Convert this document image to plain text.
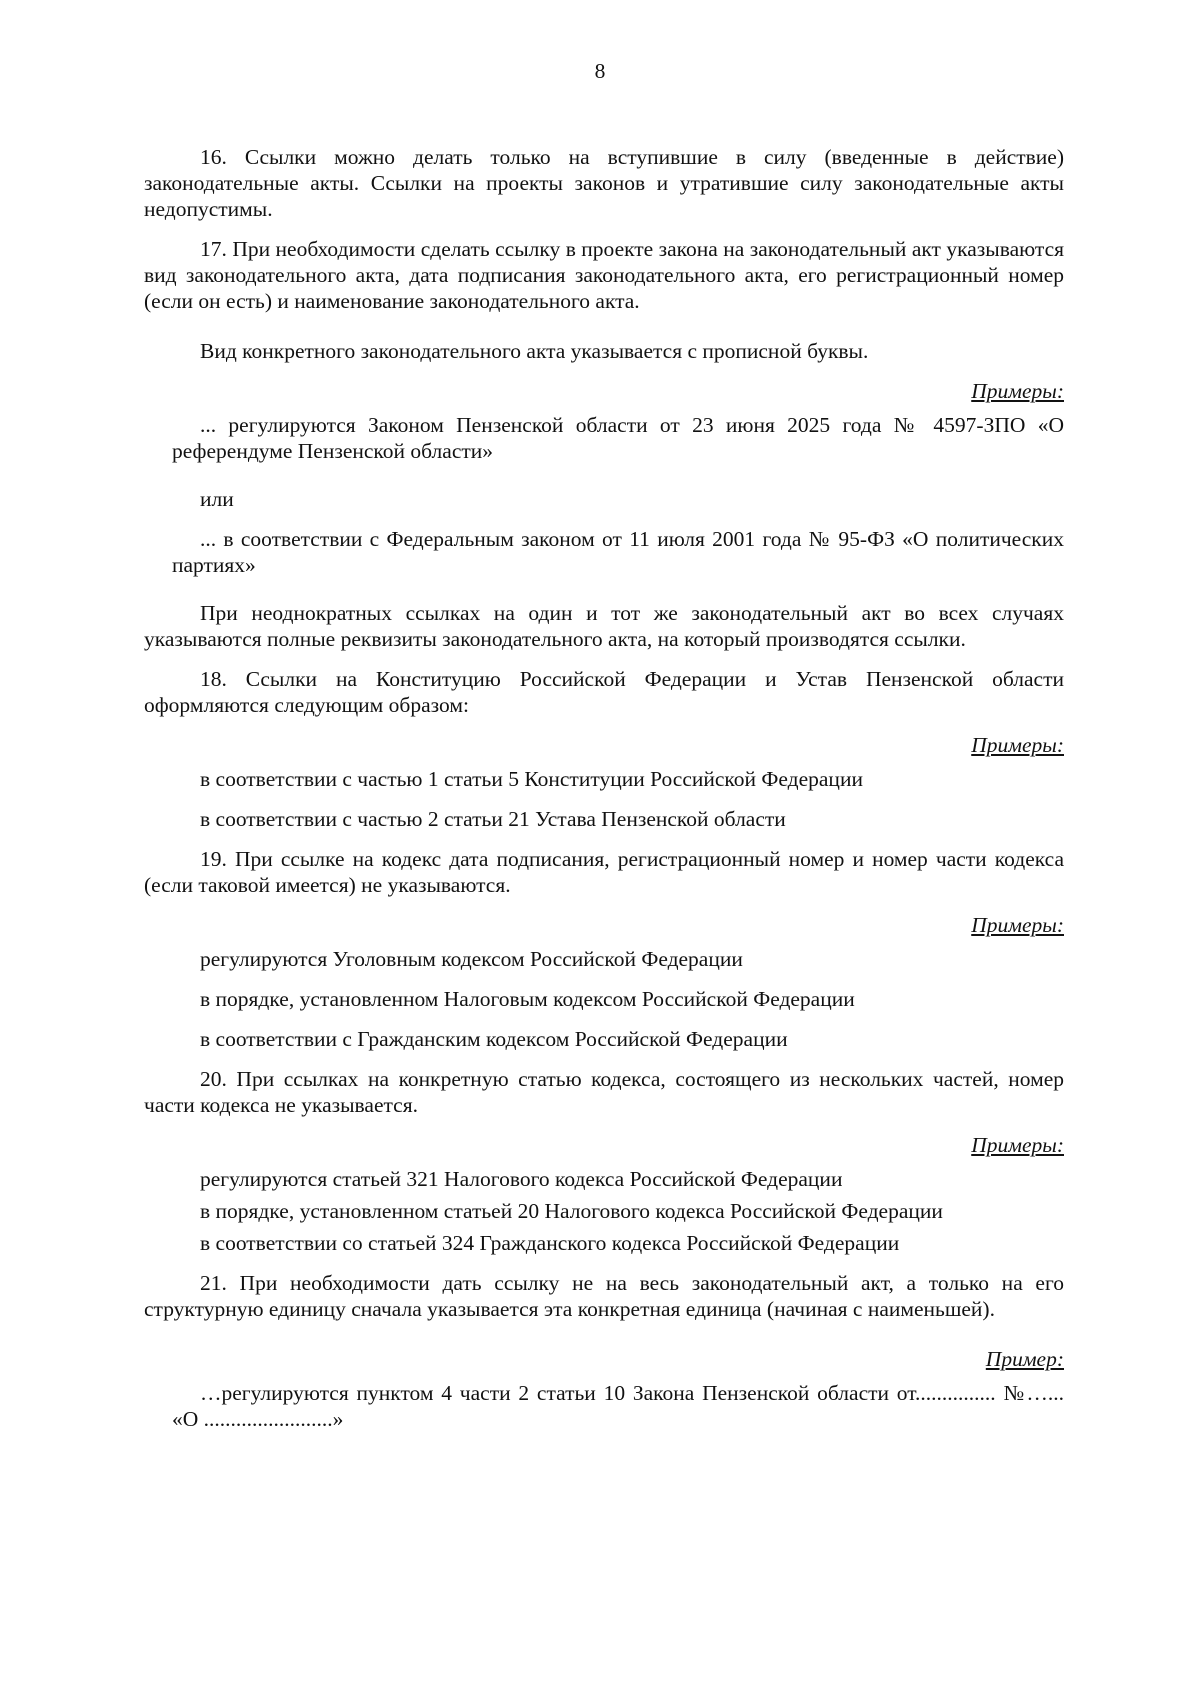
8

16. Ссылки можно делать только на вступившие в силу (введенные в действие) законодательные акты. Ссылки на проекты законов и утратившие силу законодательные акты недопустимы.

17. При необходимости сделать ссылку в проекте закона на законодательный акт указываются вид законодательного акта, дата подписания законодательного акта, его регистрационный номер (если он есть) и наименование законодательного акта.

Вид конкретного законодательного акта указывается с прописной буквы.

Примеры:

... регулируются Законом Пензенской области от 23 июня 2025 года № 4597-ЗПО «О референдуме Пензенской области»

или

... в соответствии с Федеральным законом от 11 июля 2001 года № 95-ФЗ «О политических партиях»

При неоднократных ссылках на один и тот же законодательный акт во всех случаях указываются полные реквизиты законодательного акта, на который производятся ссылки.

18. Ссылки на Конституцию Российской Федерации и Устав Пензенской области оформляются следующим образом:

Примеры:

в соответствии с частью 1 статьи 5 Конституции Российской Федерации

в соответствии с частью 2 статьи 21 Устава Пензенской области

19. При ссылке на кодекс дата подписания, регистрационный номер и номер части кодекса (если таковой имеется) не указываются.

Примеры:

регулируются Уголовным кодексом Российской Федерации

в порядке, установленном Налоговым кодексом Российской Федерации

в соответствии с Гражданским кодексом Российской Федерации

20. При ссылках на конкретную статью кодекса, состоящего из нескольких частей, номер части кодекса не указывается.

Примеры:

регулируются статьей 321 Налогового кодекса Российской Федерации

в порядке, установленном статьей 20 Налогового кодекса Российской Федерации

в соответствии со статьей 324 Гражданского кодекса Российской Федерации

21. При необходимости дать ссылку не на весь законодательный акт, а только на его структурную единицу сначала указывается эта конкретная единица (начиная с наименьшей).

Пример:

…регулируются пунктом 4 части 2 статьи 10 Закона Пензенской области от............... №…... «О ........................»
